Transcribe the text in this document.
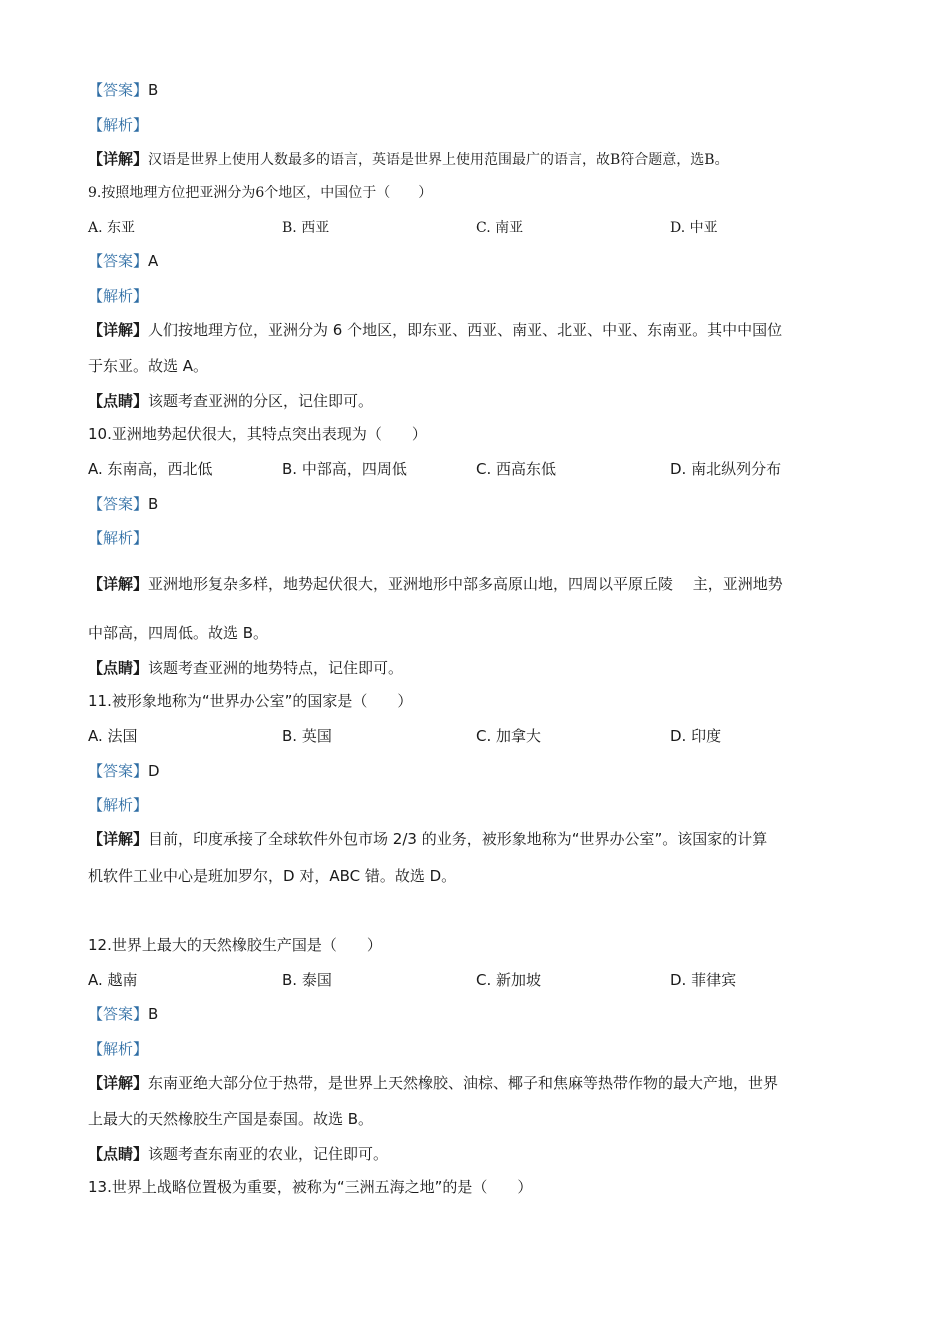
【答案】B
【解析】
【详解】汉语是世界上使用人数最多的语言，英语是世界上使用范围最广的语言，故B符合题意，选B。
9.按照地理方位把亚洲分为6个地区，中国位于（　　）
A. 东亚	B. 西亚	C. 南亚	D. 中亚
【答案】A
【解析】
【详解】人们按地理方位，亚洲分为 6 个地区，即东亚、西亚、南亚、北亚、中亚、东南亚。其中中国位
于东亚。故选 A。
【点睛】该题考查亚洲的分区，记住即可。
10.亚洲地势起伏很大，其特点突出表现为（　　）
A. 东南高，西北低	B. 中部高，四周低	C. 西高东低	D. 南北纵列分布
【答案】B
【解析】
【详解】亚洲地形复杂多样，地势起伏很大，亚洲地形中部多高原山地，四周以平原丘陵　 主，亚洲地势
中部高，四周低。故选 B。
【点睛】该题考查亚洲的地势特点，记住即可。
11.被形象地称为“世界办公室”的国家是（　　）
A. 法国	B. 英国	C. 加拿大	D. 印度
【答案】D
【解析】
【详解】目前，印度承接了全球软件外包市场 2/3 的业务，被形象地称为“世界办公室”。该国家的计算
机软件工业中心是班加罗尔，D 对，ABC 错。故选 D。
12.世界上最大的天然橡胶生产国是（　　）
A. 越南	B. 泰国	C. 新加坡	D. 菲律宾
【答案】B
【解析】
【详解】东南亚绝大部分位于热带，是世界上天然橡胶、油棕、椰子和焦麻等热带作物的最大产地，世界
上最大的天然橡胶生产国是泰国。故选 B。
【点睛】该题考查东南亚的农业，记住即可。
13.世界上战略位置极为重要，被称为“三洲五海之地”的是（　　）
